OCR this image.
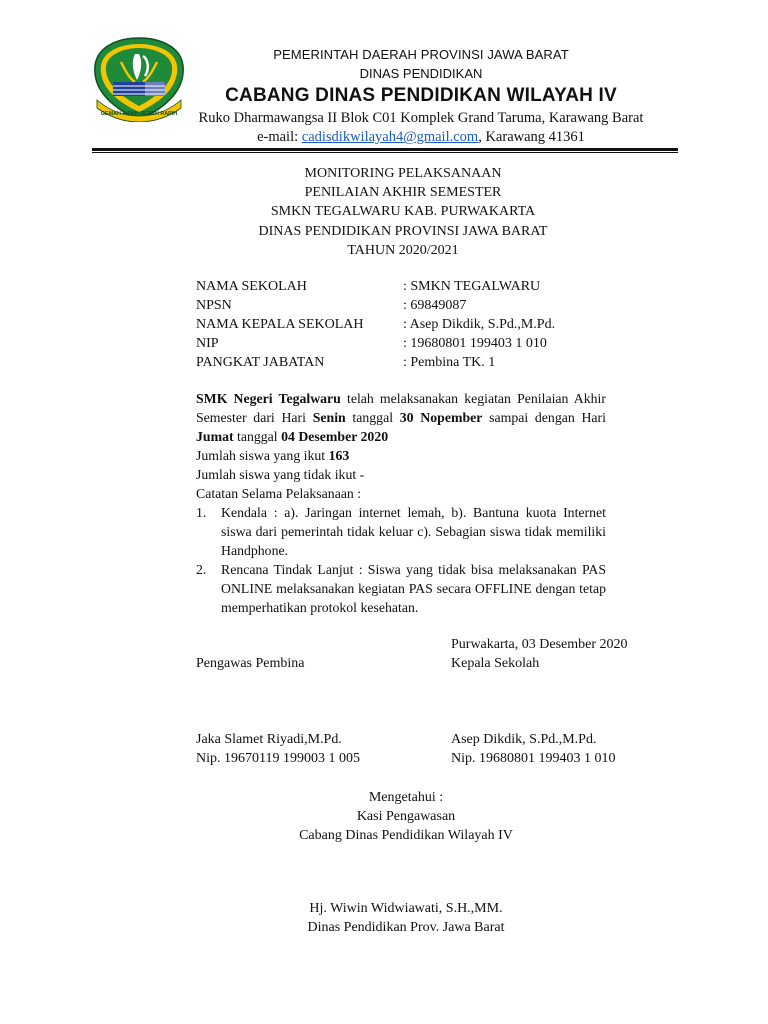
GEMAH RIPAH REPEH RAPIH
PEMERINTAH DAERAH PROVINSI JAWA BARAT
DINAS PENDIDIKAN
CABANG DINAS PENDIDIKAN WILAYAH IV
Ruko Dharmawangsa II Blok C01 Komplek Grand Taruma, Karawang Barat
e-mail: cadisdikwilayah4@gmail.com, Karawang 41361
MONITORING PELAKSANAAN
PENILAIAN AKHIR SEMESTER
SMKN TEGALWARU KAB. PURWAKARTA
DINAS PENDIDIKAN PROVINSI JAWA BARAT
TAHUN 2020/2021
NAMA SEKOLAH	: SMKN TEGALWARU
NPSN	: 69849087
NAMA KEPALA SEKOLAH	: Asep Dikdik, S.Pd.,M.Pd.
NIP	: 19680801 199403 1 010
PANGKAT JABATAN	: Pembina TK. 1
SMK Negeri Tegalwaru telah melaksanakan kegiatan Penilaian Akhir Semester dari Hari Senin tanggal 30 Nopember sampai dengan Hari Jumat tanggal 04 Desember 2020
Jumlah siswa yang ikut 163
Jumlah siswa yang tidak ikut -
Catatan Selama Pelaksanaan :
1.	Kendala : a). Jaringan internet lemah, b). Bantuna kuota Internet siswa dari pemerintah tidak keluar c). Sebagian siswa tidak memiliki Handphone.
2.	Rencana Tindak Lanjut : Siswa yang tidak bisa melaksanakan PAS ONLINE melaksanakan kegiatan PAS secara OFFLINE dengan tetap memperhatikan protokol kesehatan.
Purwakarta, 03 Desember 2020
Pengawas Pembina	Kepala Sekolah
Jaka Slamet Riyadi,M.Pd.
Nip. 19670119 199003 1 005
Asep Dikdik, S.Pd.,M.Pd.
Nip. 19680801 199403 1 010
Mengetahui :
Kasi Pengawasan
Cabang Dinas Pendidikan Wilayah IV
Hj. Wiwin Widwiawati, S.H.,MM.
Dinas Pendidikan Prov. Jawa Barat
